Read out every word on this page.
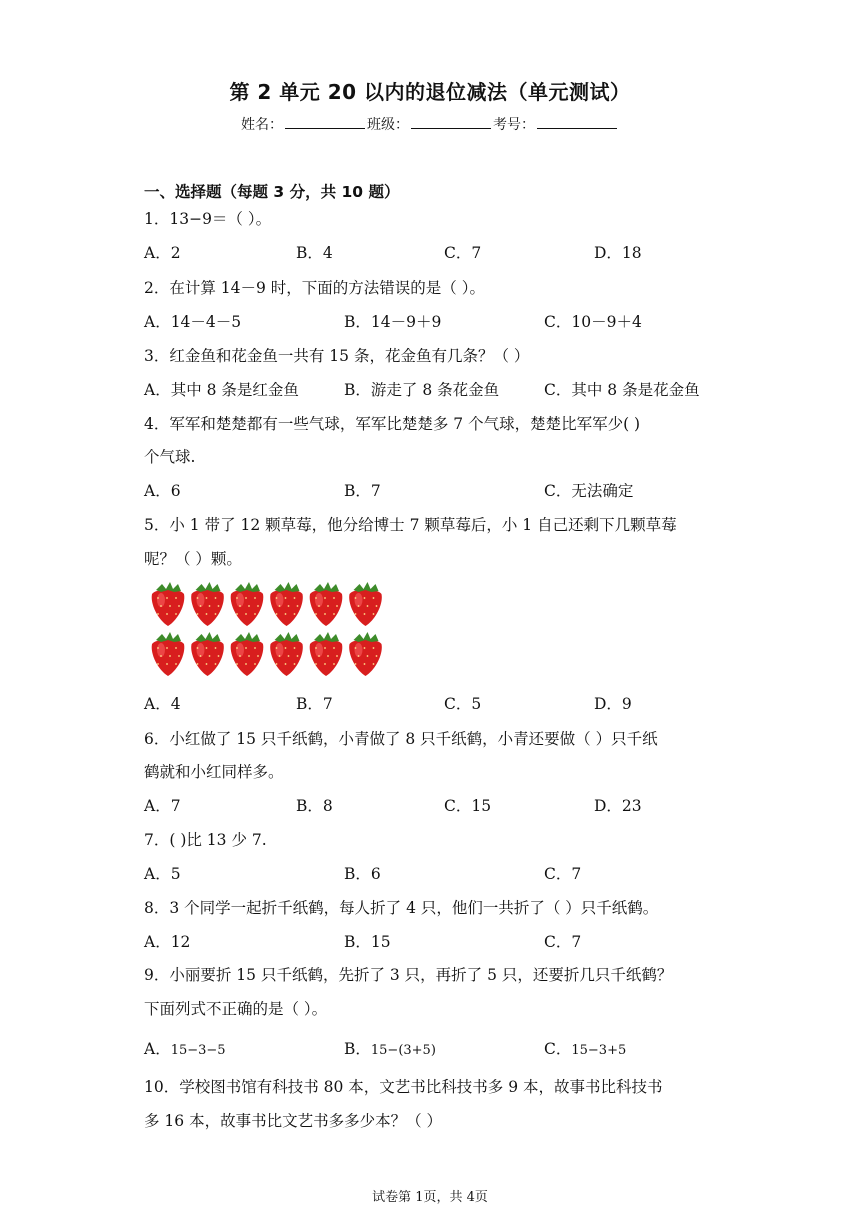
第 2 单元 20 以内的退位减法（单元测试）
姓名：	班级：	考号：
一、选择题（每题 3 分，共 10 题）
1．13−9＝（ ）。
A．2	B．4	C．7	D．18
2．在计算 14－9 时，下面的方法错误的是（ ）。
A．14－4－5	B．14－9＋9	C．10－9＋4
3．红金鱼和花金鱼一共有 15 条，花金鱼有几条？（ ）
A．其中 8 条是红金鱼	B．游走了 8 条花金鱼	C．其中 8 条是花金鱼
4．军军和楚楚都有一些气球，军军比楚楚多 7 个气球，楚楚比军军少( )
个气球.
A．6	B．7	C．无法确定
5．小 1 带了 12 颗草莓，他分给博士 7 颗草莓后，小 1 自己还剩下几颗草莓
呢？（ ）颗。
A．4	B．7	C．5	D．9
6．小红做了 15 只千纸鹤，小青做了 8 只千纸鹤，小青还要做（ ）只千纸
鹤就和小红同样多。
A．7	B．8	C．15	D．23
7．( )比 13 少 7.
A．5	B．6	C．7
8．3 个同学一起折千纸鹤，每人折了 4 只，他们一共折了（ ）只千纸鹤。
A．12	B．15	C．7
9．小丽要折 15 只千纸鹤，先折了 3 只，再折了 5 只，还要折几只千纸鹤？
下面列式不正确的是（ ）。
A．15−3−5	B．15−(3+5)	C．15−3+5
10．学校图书馆有科技书 80 本，文艺书比科技书多 9 本，故事书比科技书
多 16 本，故事书比文艺书多多少本？（ ）
试卷第 1页，共 4页
